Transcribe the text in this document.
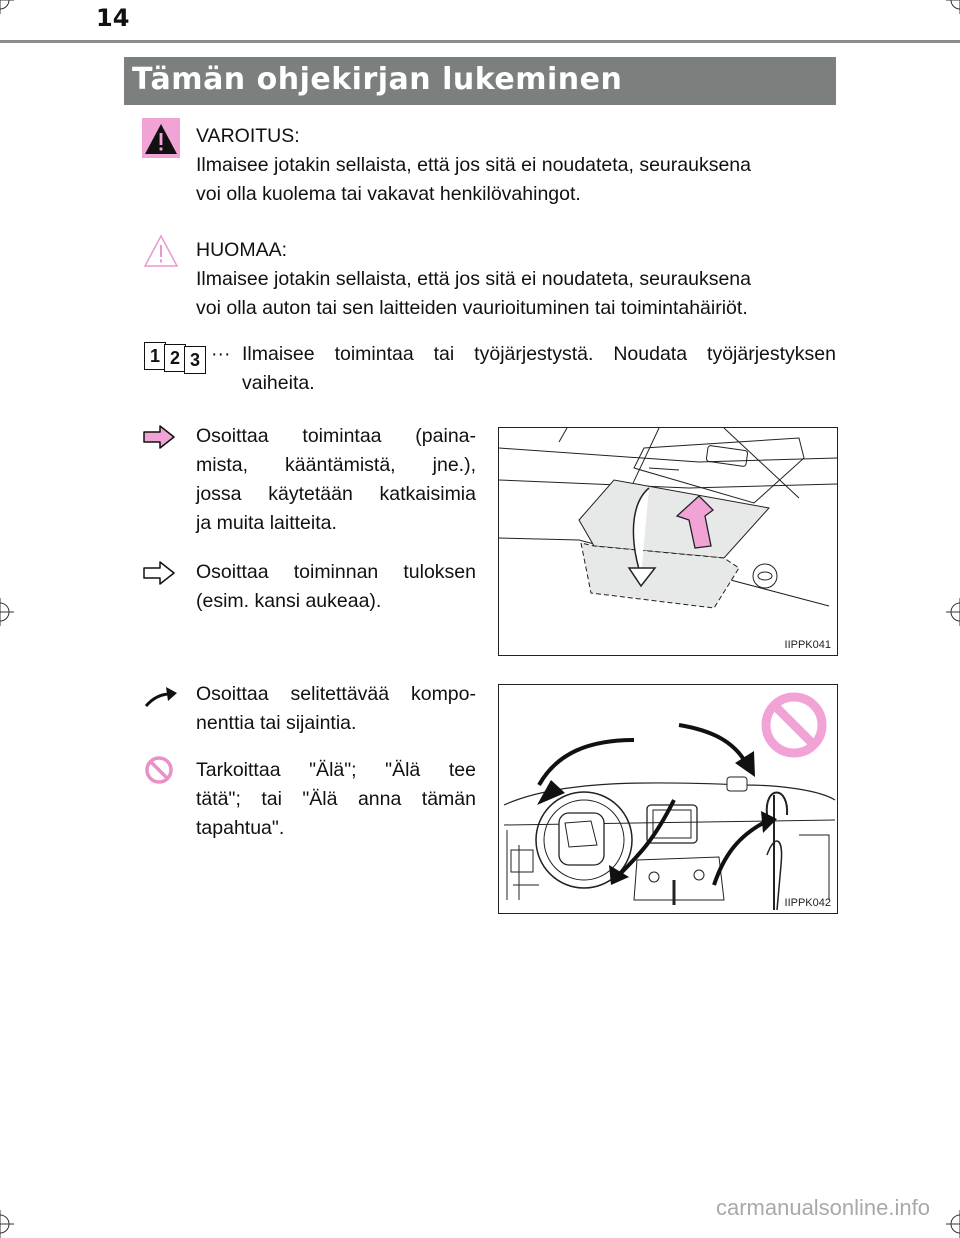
14
Tämän ohjekirjan lukeminen
VAROITUS:
Ilmaisee jotakin sellaista, että jos sitä ei noudateta, seurauksena
voi olla kuolema tai vakavat henkilövahingot.
HUOMAA:
Ilmaisee jotakin sellaista, että jos sitä ei noudateta, seurauksena
voi olla auton tai sen laitteiden vaurioituminen tai toimintahäiriöt.
1 2 3 ··· Ilmaisee toimintaa tai työjärjestystä. Noudata työjärjestyksen
vaiheita.
Osoittaa toimintaa (paina-
mista, kääntämistä, jne.),
jossa käytetään katkaisimia
ja muita laitteita.
Osoittaa toiminnan tuloksen
(esim. kansi aukeaa).
IIPPK041
Osoittaa selitettävää kompo-
nenttia tai sijaintia.
Tarkoittaa "Älä"; "Älä tee
tätä"; tai "Älä anna tämän
tapahtua".
IIPPK042
carmanualsonline.info
